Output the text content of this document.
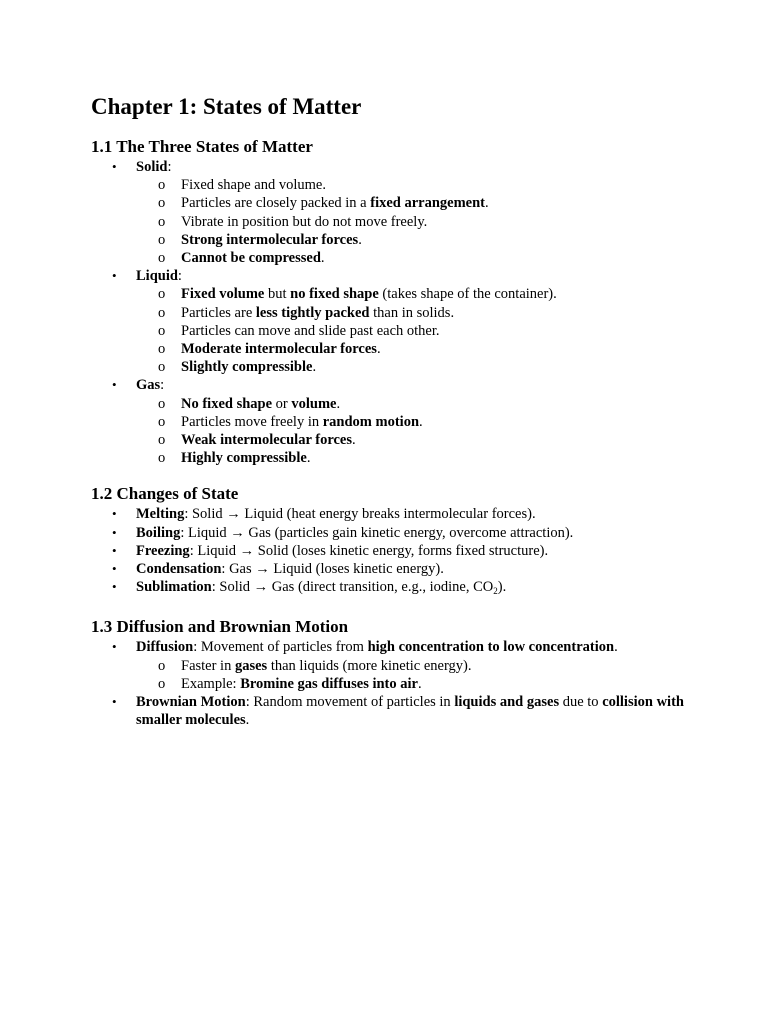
Chapter 1: States of Matter
1.1 The Three States of Matter
• Solid:
o Fixed shape and volume.
o Particles are closely packed in a fixed arrangement.
o Vibrate in position but do not move freely.
o Strong intermolecular forces.
o Cannot be compressed.
• Liquid:
o Fixed volume but no fixed shape (takes shape of the container).
o Particles are less tightly packed than in solids.
o Particles can move and slide past each other.
o Moderate intermolecular forces.
o Slightly compressible.
• Gas:
o No fixed shape or volume.
o Particles move freely in random motion.
o Weak intermolecular forces.
o Highly compressible.
1.2 Changes of State
• Melting: Solid → Liquid (heat energy breaks intermolecular forces).
• Boiling: Liquid → Gas (particles gain kinetic energy, overcome attraction).
• Freezing: Liquid → Solid (loses kinetic energy, forms fixed structure).
• Condensation: Gas → Liquid (loses kinetic energy).
• Sublimation: Solid → Gas (direct transition, e.g., iodine, $CO_2$).
1.3 Diffusion and Brownian Motion
• Diffusion: Movement of particles from high concentration to low concentration.
o Faster in gases than liquids (more kinetic energy).
o Example: Bromine gas diffuses into air.
• Brownian Motion: Random movement of particles in liquids and gases due to collision with smaller molecules.
